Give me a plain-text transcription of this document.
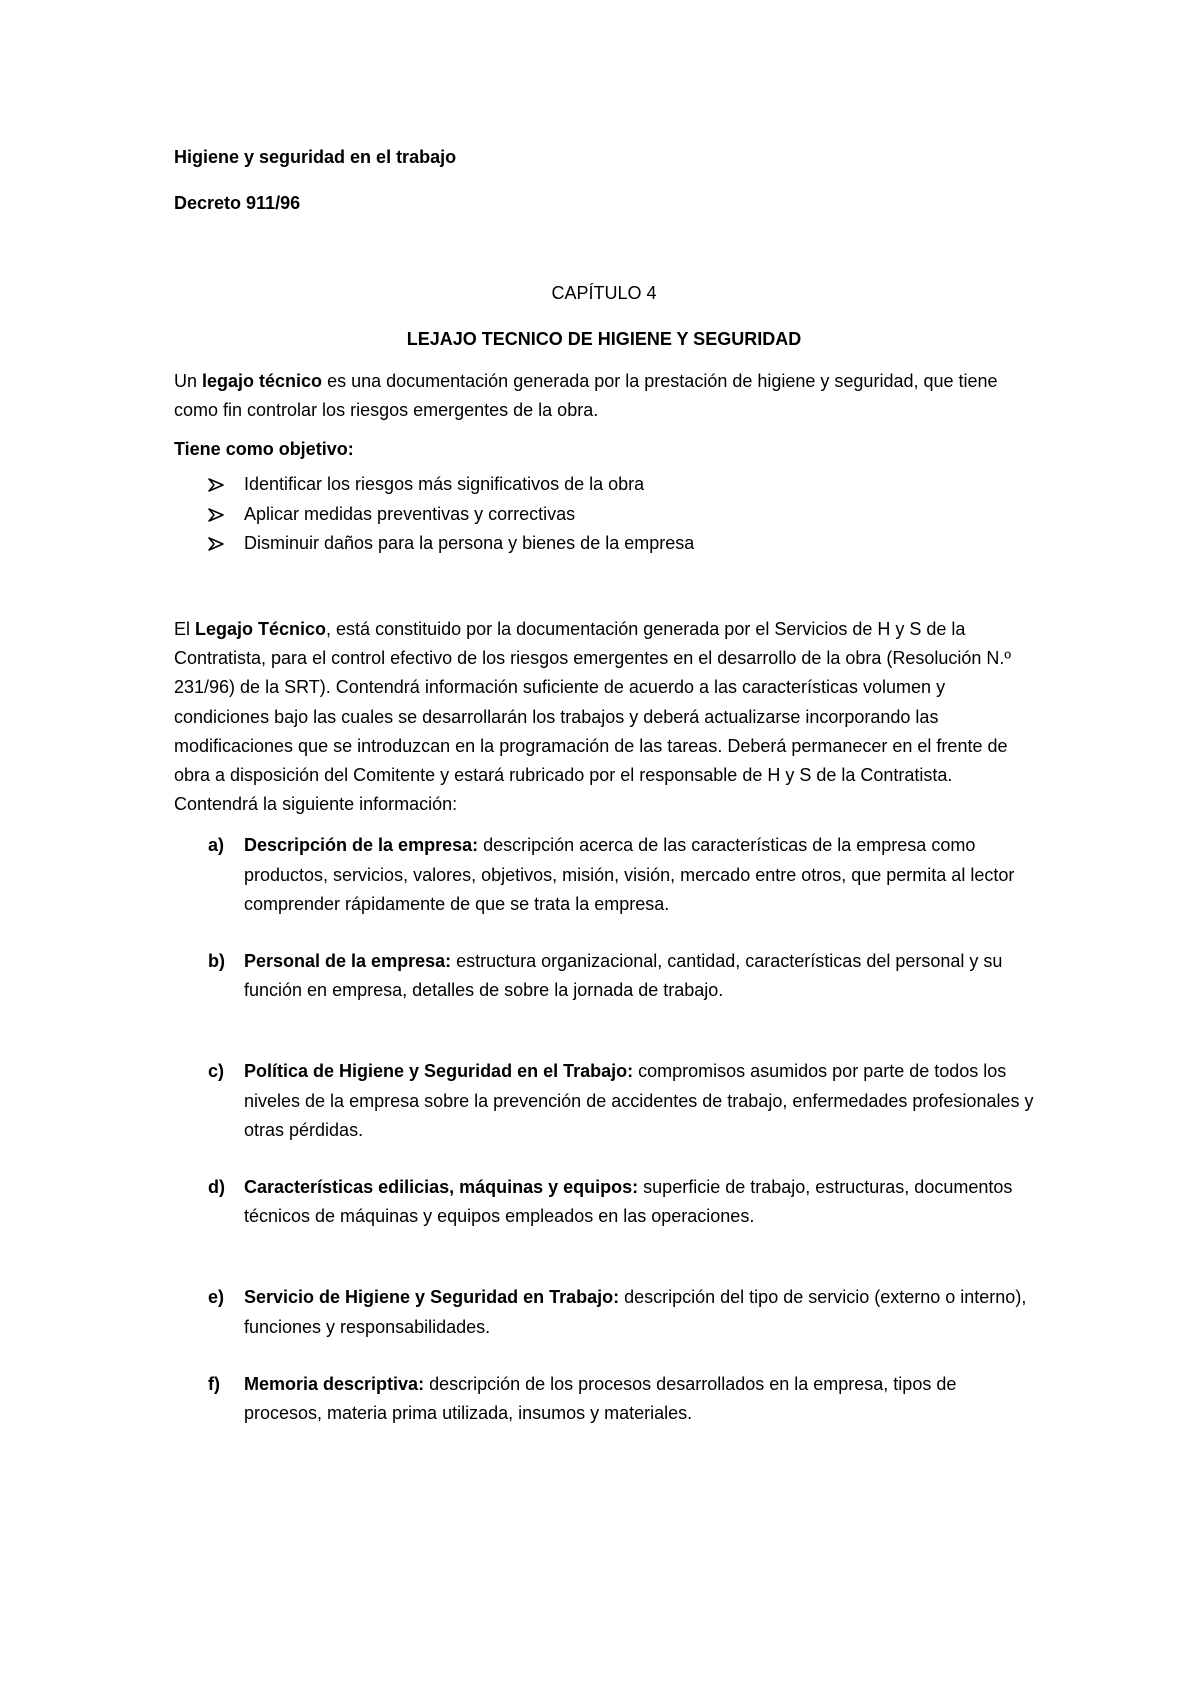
Higiene y seguridad en el trabajo

Decreto 911/96

CAPÍTULO 4

LEJAJO TECNICO DE HIGIENE Y SEGURIDAD

Un legajo técnico es una documentación generada por la prestación de higiene y seguridad, que tiene como fin controlar los riesgos emergentes de la obra.

Tiene como objetivo:

Identificar los riesgos más significativos de la obra
Aplicar medidas preventivas y correctivas
Disminuir daños para la persona y bienes de la empresa

El Legajo Técnico, está constituido por la documentación generada por el Servicios de H y S de la Contratista, para el control efectivo de los riesgos emergentes en el desarrollo de la obra (Resolución N.º 231/96) de la SRT). Contendrá información suficiente de acuerdo a las características volumen y condiciones bajo las cuales se desarrollarán los trabajos y deberá actualizarse incorporando las modificaciones que se introduzcan en la programación de las tareas. Deberá permanecer en el frente de obra a disposición del Comitente y estará rubricado por el responsable de H y S de la Contratista. Contendrá la siguiente información:

a) Descripción de la empresa: descripción acerca de las características de la empresa como productos, servicios, valores, objetivos, misión, visión, mercado entre otros, que permita al lector comprender rápidamente de que se trata la empresa.
b) Personal de la empresa: estructura organizacional, cantidad, características del personal y su función en empresa, detalles de sobre la jornada de trabajo.
c) Política de Higiene y Seguridad en el Trabajo: compromisos asumidos por parte de todos los niveles de la empresa sobre la prevención de accidentes de trabajo, enfermedades profesionales y otras pérdidas.
d) Características edilicias, máquinas y equipos: superficie de trabajo, estructuras, documentos técnicos de máquinas y equipos empleados en las operaciones.
e) Servicio de Higiene y Seguridad en Trabajo: descripción del tipo de servicio (externo o interno), funciones y responsabilidades.
f) Memoria descriptiva: descripción de los procesos desarrollados en la empresa, tipos de procesos, materia prima utilizada, insumos y materiales.
